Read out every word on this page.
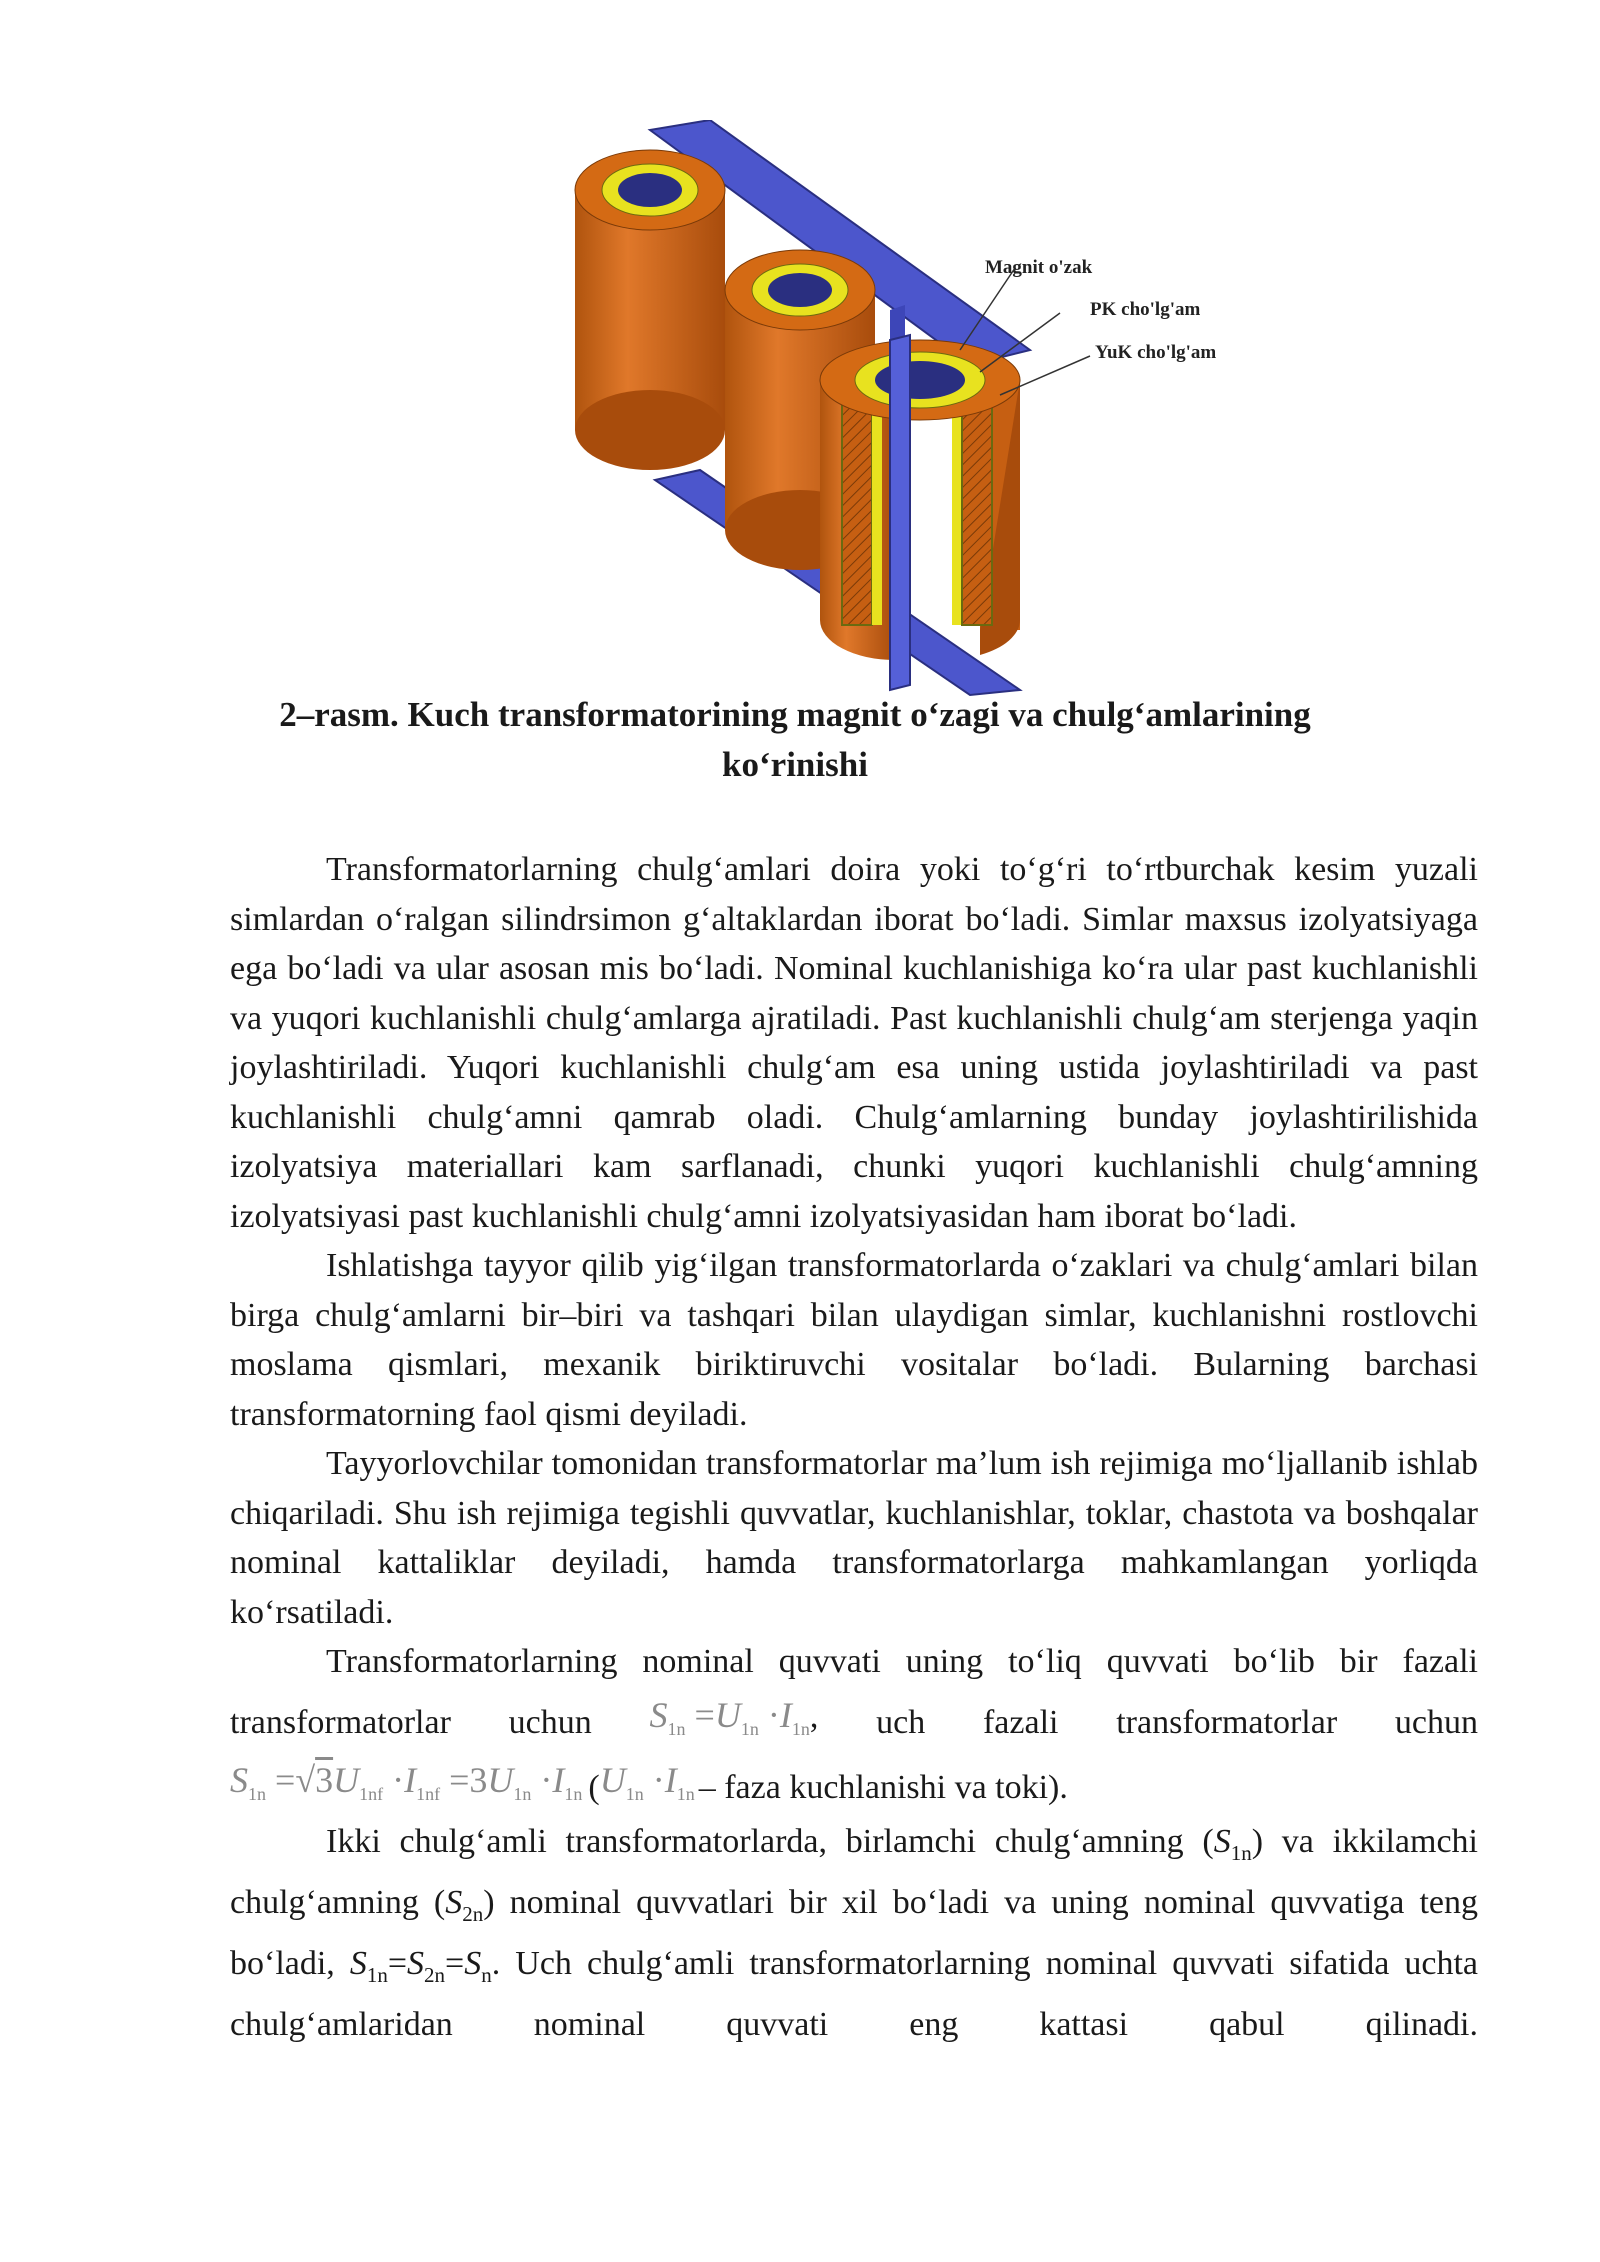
Magnit o'zak
PK cho'lg'am
YuK cho'lg'am
2–rasm. Kuch transformatorining magnit o‘zagi va chulg‘amlarining
ko‘rinishi

Transformatorlarning chulg‘amlari doira yoki to‘g‘ri to‘rtburchak kesim yuzali simlardan o‘ralgan silindrsimon g‘altaklardan iborat bo‘ladi. Simlar maxsus izolyatsiyaga ega bo‘ladi va ular asosan mis bo‘ladi. Nominal kuchlanishiga ko‘ra ular past kuchlanishli va yuqori kuchlanishli chulg‘amlarga ajratiladi. Past kuchlanishli chulg‘am sterjenga yaqin joylashtiriladi. Yuqori kuchlanishli chulg‘am esa uning ustida joylashtiriladi va past kuchlanishli chulg‘amni qamrab oladi. Chulg‘amlarning bunday joylashtirilishida izolyatsiya materiallari kam sarflanadi, chunki yuqori kuchlanishli chulg‘amning izolyatsiyasi past kuchlanishli chulg‘amni izolyatsiyasidan ham iborat bo‘ladi.

Ishlatishga tayyor qilib yig‘ilgan transformatorlarda o‘zaklari va chulg‘amlari bilan birga chulg‘amlarni bir–biri va tashqari bilan ulaydigan simlar, kuchlanishni rostlovchi moslama qismlari, mexanik biriktiruvchi vositalar bo‘ladi. Bularning barchasi transformatorning faol qismi deyiladi.

Tayyorlovchilar tomonidan transformatorlar ma’lum ish rejimiga mo‘ljallanib ishlab chiqariladi. Shu ish rejimiga tegishli quvvatlar, kuchlanishlar, toklar, chastota va boshqalar nominal kattaliklar deyiladi, hamda transformatorlarga mahkamlangan yorliqda ko‘rsatiladi.

Transformatorlarning nominal quvvati uning to‘liq quvvati bo‘lib bir fazali

transformatorlar uchun $S_{1n} =U_{1n} \cdot I_{1n}$, uch fazali transformatorlar uchun
$S_{1n} =√3U_{1nf} \cdot I_{1nf} =3U_{1n} \cdot I_{1n}$ ( $U_{1n} \cdot I_{1n}$ – faza kuchlanishi va toki).

Ikki chulg‘amli transformatorlarda, birlamchi chulg‘amning $(S_{1n})$ va ikkilamchi chulg‘amning $(S_{2n})$ nominal quvvatlari bir xil bo‘ladi va uning nominal quvvatiga teng bo‘ladi, $S_{1n}=S_{2n}=S_n$. Uch chulg‘amli transformatorlarning nominal quvvati sifatida uchta chulg‘amlaridan nominal quvvati eng kattasi qabul qilinadi.
